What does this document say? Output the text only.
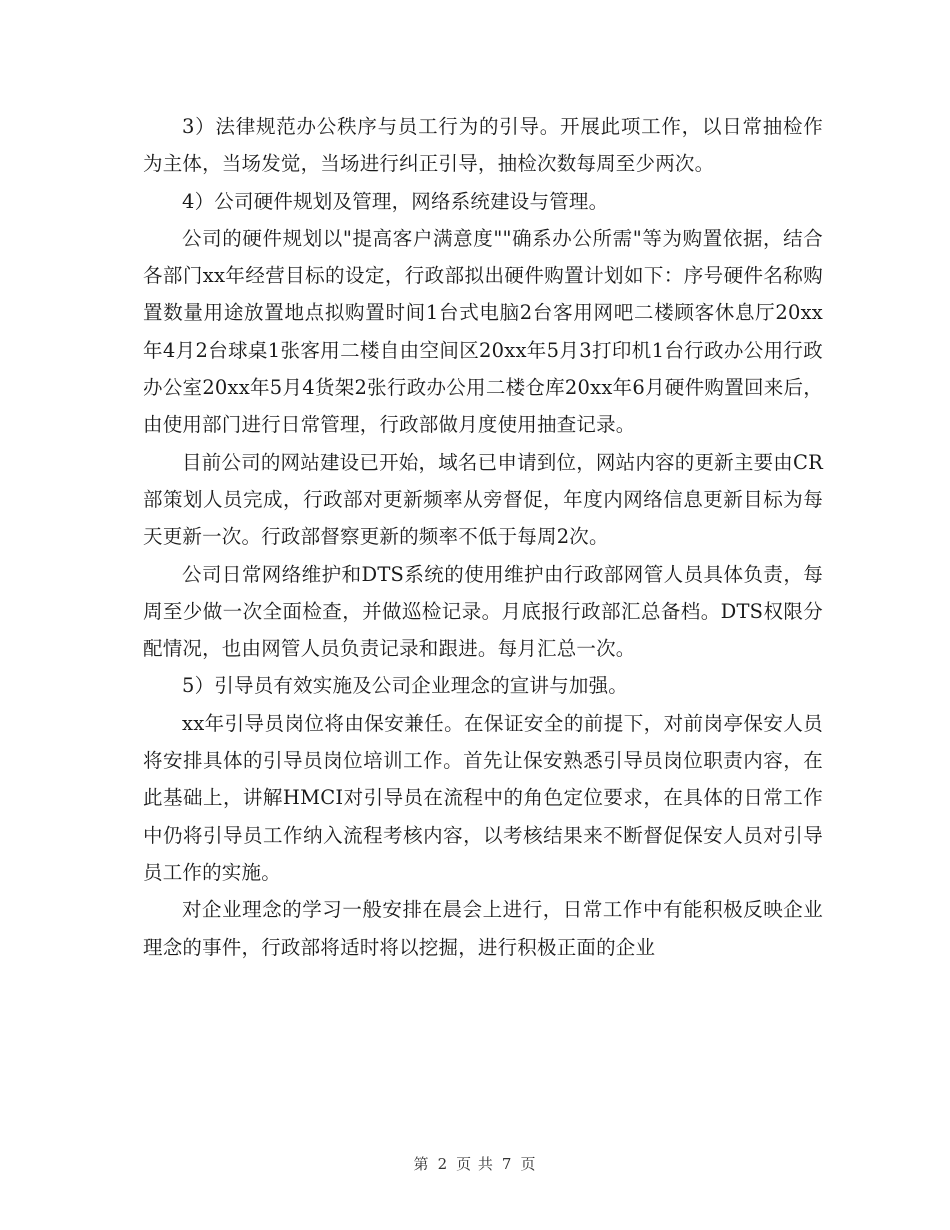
3）法律规范办公秩序与员工行为的引导。开展此项工作，以日常抽检作为主体，当场发觉，当场进行纠正引导，抽检次数每周至少两次。

4）公司硬件规划及管理，网络系统建设与管理。

公司的硬件规划以"提高客户满意度""确系办公所需"等为购置依据，结合各部门xx年经营目标的设定，行政部拟出硬件购置计划如下：序号硬件名称购置数量用途放置地点拟购置时间1台式电脑2台客用网吧二楼顾客休息厅20xx年4月2台球桌1张客用二楼自由空间区20xx年5月3打印机1台行政办公用行政办公室20xx年5月4货架2张行政办公用二楼仓库20xx年6月硬件购置回来后，由使用部门进行日常管理，行政部做月度使用抽查记录。

目前公司的网站建设已开始，域名已申请到位，网站内容的更新主要由CR部策划人员完成，行政部对更新频率从旁督促，年度内网络信息更新目标为每天更新一次。行政部督察更新的频率不低于每周2次。

公司日常网络维护和DTS系统的使用维护由行政部网管人员具体负责，每周至少做一次全面检查，并做巡检记录。月底报行政部汇总备档。DTS权限分配情况，也由网管人员负责记录和跟进。每月汇总一次。

5）引导员有效实施及公司企业理念的宣讲与加强。

xx年引导员岗位将由保安兼任。在保证安全的前提下，对前岗亭保安人员将安排具体的引导员岗位培训工作。首先让保安熟悉引导员岗位职责内容，在此基础上，讲解HMCI对引导员在流程中的角色定位要求，在具体的日常工作中仍将引导员工作纳入流程考核内容，以考核结果来不断督促保安人员对引导员工作的实施。

对企业理念的学习一般安排在晨会上进行，日常工作中有能积极反映企业理念的事件，行政部将适时将以挖掘，进行积极正面的企业

第 2 页 共 7 页
